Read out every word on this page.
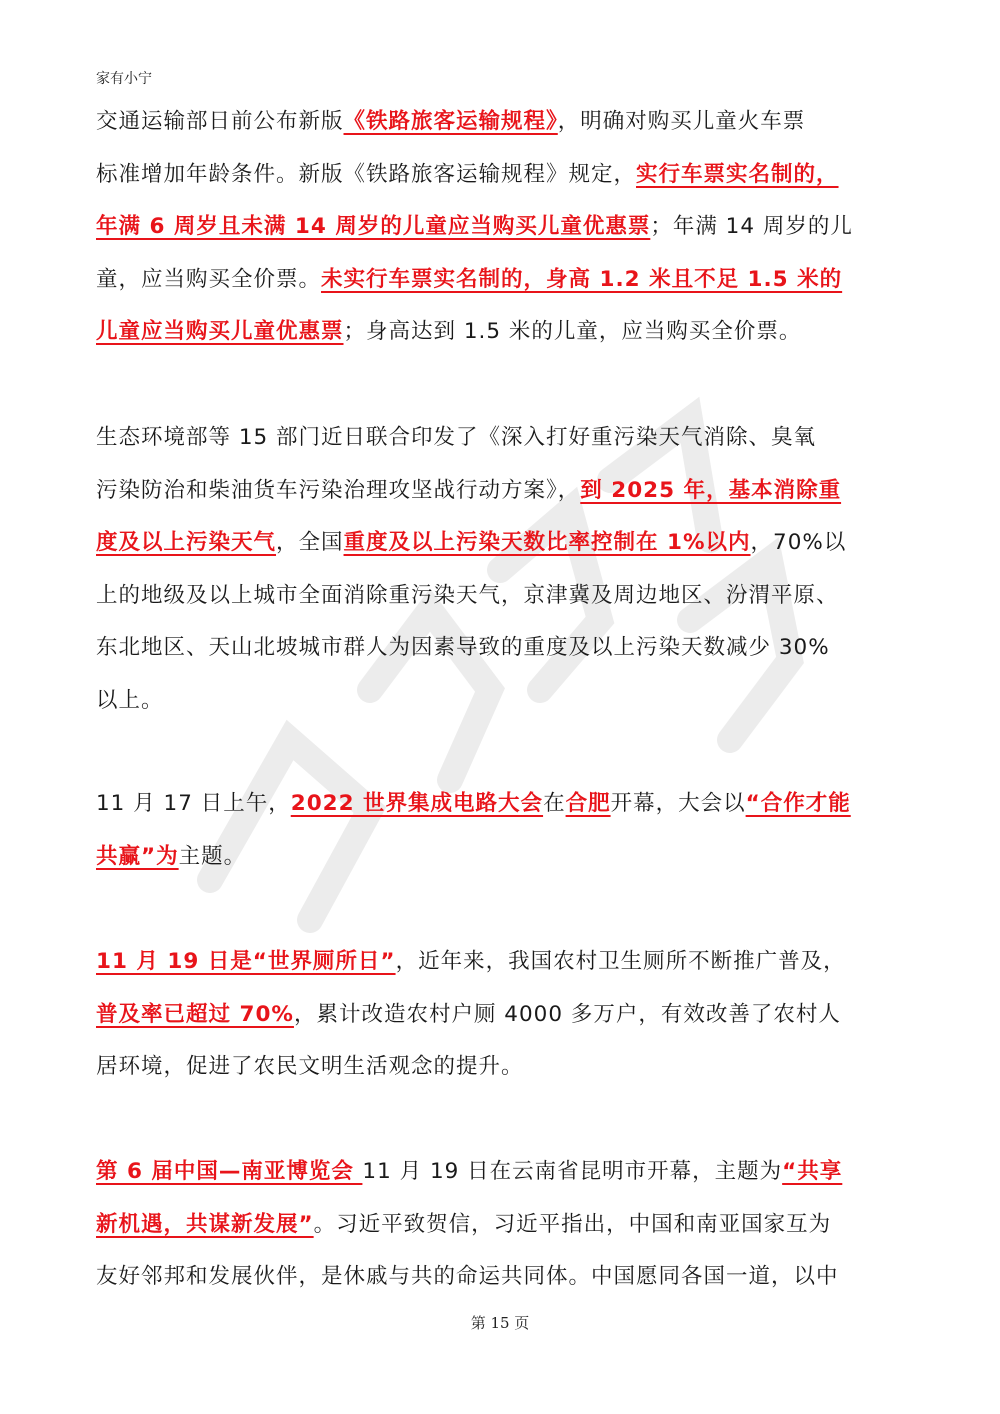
家有小宁
交通运输部日前公布新版《铁路旅客运输规程》，明确对购买儿童火车票
标准增加年龄条件。新版《铁路旅客运输规程》规定，实行车票实名制的，
年满 6 周岁且未满 14 周岁的儿童应当购买儿童优惠票；年满 14 周岁的儿
童，应当购买全价票。未实行车票实名制的，身高 1.2 米且不足 1.5 米的
儿童应当购买儿童优惠票；身高达到 1.5 米的儿童，应当购买全价票。
生态环境部等 15 部门近日联合印发了《深入打好重污染天气消除、臭氧
污染防治和柴油货车污染治理攻坚战行动方案》，到 2025 年，基本消除重
度及以上污染天气，全国重度及以上污染天数比率控制在 1%以内，70%以
上的地级及以上城市全面消除重污染天气，京津冀及周边地区、汾渭平原、
东北地区、天山北坡城市群人为因素导致的重度及以上污染天数减少 30%
以上。
11 月 17 日上午，2022 世界集成电路大会在合肥开幕，大会以“合作才能
共赢”为主题。
11 月 19 日是“世界厕所日”，近年来，我国农村卫生厕所不断推广普及，
普及率已超过 70%，累计改造农村户厕 4000 多万户，有效改善了农村人
居环境，促进了农民文明生活观念的提升。
第 6 届中国—南亚博览会 11 月 19 日在云南省昆明市开幕，主题为“共享
新机遇，共谋新发展”。习近平致贺信，习近平指出，中国和南亚国家互为
友好邻邦和发展伙伴，是休戚与共的命运共同体。中国愿同各国一道，以中
第 15 页
